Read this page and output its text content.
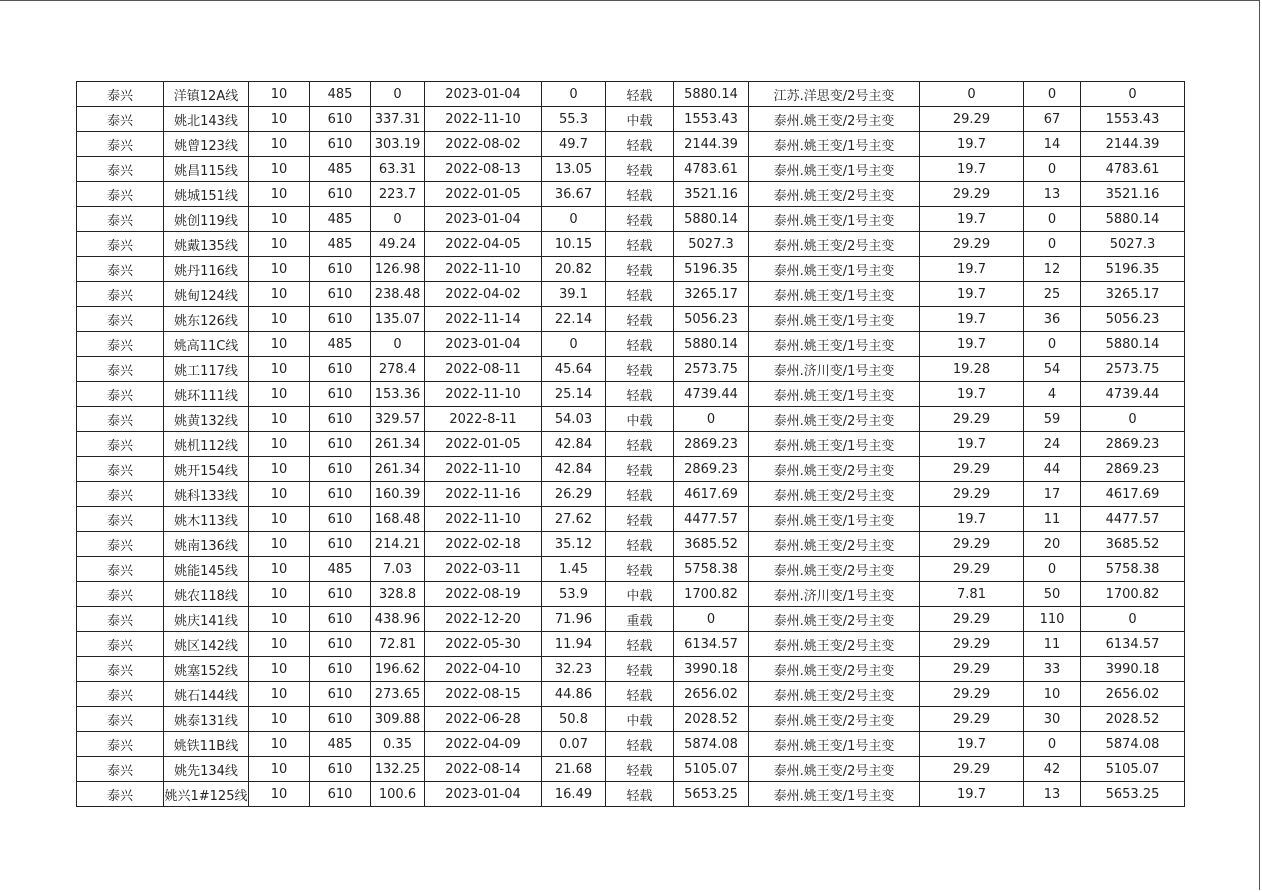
泰兴	洋镇12A线	10	485	0	2023-01-04	0	轻载	5880.14	江苏.洋思变/2号主变	0	0	0
泰兴	姚北143线	10	610	337.31	2022-11-10	55.3	中载	1553.43	泰州.姚王变/2号主变	29.29	67	1553.43
泰兴	姚曾123线	10	610	303.19	2022-08-02	49.7	轻载	2144.39	泰州.姚王变/1号主变	19.7	14	2144.39
泰兴	姚昌115线	10	485	63.31	2022-08-13	13.05	轻载	4783.61	泰州.姚王变/1号主变	19.7	0	4783.61
泰兴	姚城151线	10	610	223.7	2022-01-05	36.67	轻载	3521.16	泰州.姚王变/2号主变	29.29	13	3521.16
泰兴	姚创119线	10	485	0	2023-01-04	0	轻载	5880.14	泰州.姚王变/1号主变	19.7	0	5880.14
泰兴	姚戴135线	10	485	49.24	2022-04-05	10.15	轻载	5027.3	泰州.姚王变/2号主变	29.29	0	5027.3
泰兴	姚丹116线	10	610	126.98	2022-11-10	20.82	轻载	5196.35	泰州.姚王变/1号主变	19.7	12	5196.35
泰兴	姚甸124线	10	610	238.48	2022-04-02	39.1	轻载	3265.17	泰州.姚王变/1号主变	19.7	25	3265.17
泰兴	姚东126线	10	610	135.07	2022-11-14	22.14	轻载	5056.23	泰州.姚王变/1号主变	19.7	36	5056.23
泰兴	姚高11C线	10	485	0	2023-01-04	0	轻载	5880.14	泰州.姚王变/1号主变	19.7	0	5880.14
泰兴	姚工117线	10	610	278.4	2022-08-11	45.64	轻载	2573.75	泰州.济川变/1号主变	19.28	54	2573.75
泰兴	姚环111线	10	610	153.36	2022-11-10	25.14	轻载	4739.44	泰州.姚王变/1号主变	19.7	4	4739.44
泰兴	姚黄132线	10	610	329.57	2022-8-11	54.03	中载	0	泰州.姚王变/2号主变	29.29	59	0
泰兴	姚机112线	10	610	261.34	2022-01-05	42.84	轻载	2869.23	泰州.姚王变/1号主变	19.7	24	2869.23
泰兴	姚开154线	10	610	261.34	2022-11-10	42.84	轻载	2869.23	泰州.姚王变/2号主变	29.29	44	2869.23
泰兴	姚科133线	10	610	160.39	2022-11-16	26.29	轻载	4617.69	泰州.姚王变/2号主变	29.29	17	4617.69
泰兴	姚木113线	10	610	168.48	2022-11-10	27.62	轻载	4477.57	泰州.姚王变/1号主变	19.7	11	4477.57
泰兴	姚南136线	10	610	214.21	2022-02-18	35.12	轻载	3685.52	泰州.姚王变/2号主变	29.29	20	3685.52
泰兴	姚能145线	10	485	7.03	2022-03-11	1.45	轻载	5758.38	泰州.姚王变/2号主变	29.29	0	5758.38
泰兴	姚农118线	10	610	328.8	2022-08-19	53.9	中载	1700.82	泰州.济川变/1号主变	7.81	50	1700.82
泰兴	姚庆141线	10	610	438.96	2022-12-20	71.96	重载	0	泰州.姚王变/2号主变	29.29	110	0
泰兴	姚区142线	10	610	72.81	2022-05-30	11.94	轻载	6134.57	泰州.姚王变/2号主变	29.29	11	6134.57
泰兴	姚塞152线	10	610	196.62	2022-04-10	32.23	轻载	3990.18	泰州.姚王变/2号主变	29.29	33	3990.18
泰兴	姚石144线	10	610	273.65	2022-08-15	44.86	轻载	2656.02	泰州.姚王变/2号主变	29.29	10	2656.02
泰兴	姚泰131线	10	610	309.88	2022-06-28	50.8	中载	2028.52	泰州.姚王变/2号主变	29.29	30	2028.52
泰兴	姚铁11B线	10	485	0.35	2022-04-09	0.07	轻载	5874.08	泰州.姚王变/1号主变	19.7	0	5874.08
泰兴	姚先134线	10	610	132.25	2022-08-14	21.68	轻载	5105.07	泰州.姚王变/2号主变	29.29	42	5105.07
泰兴	姚兴1#125线	10	610	100.6	2023-01-04	16.49	轻载	5653.25	泰州.姚王变/1号主变	19.7	13	5653.25
